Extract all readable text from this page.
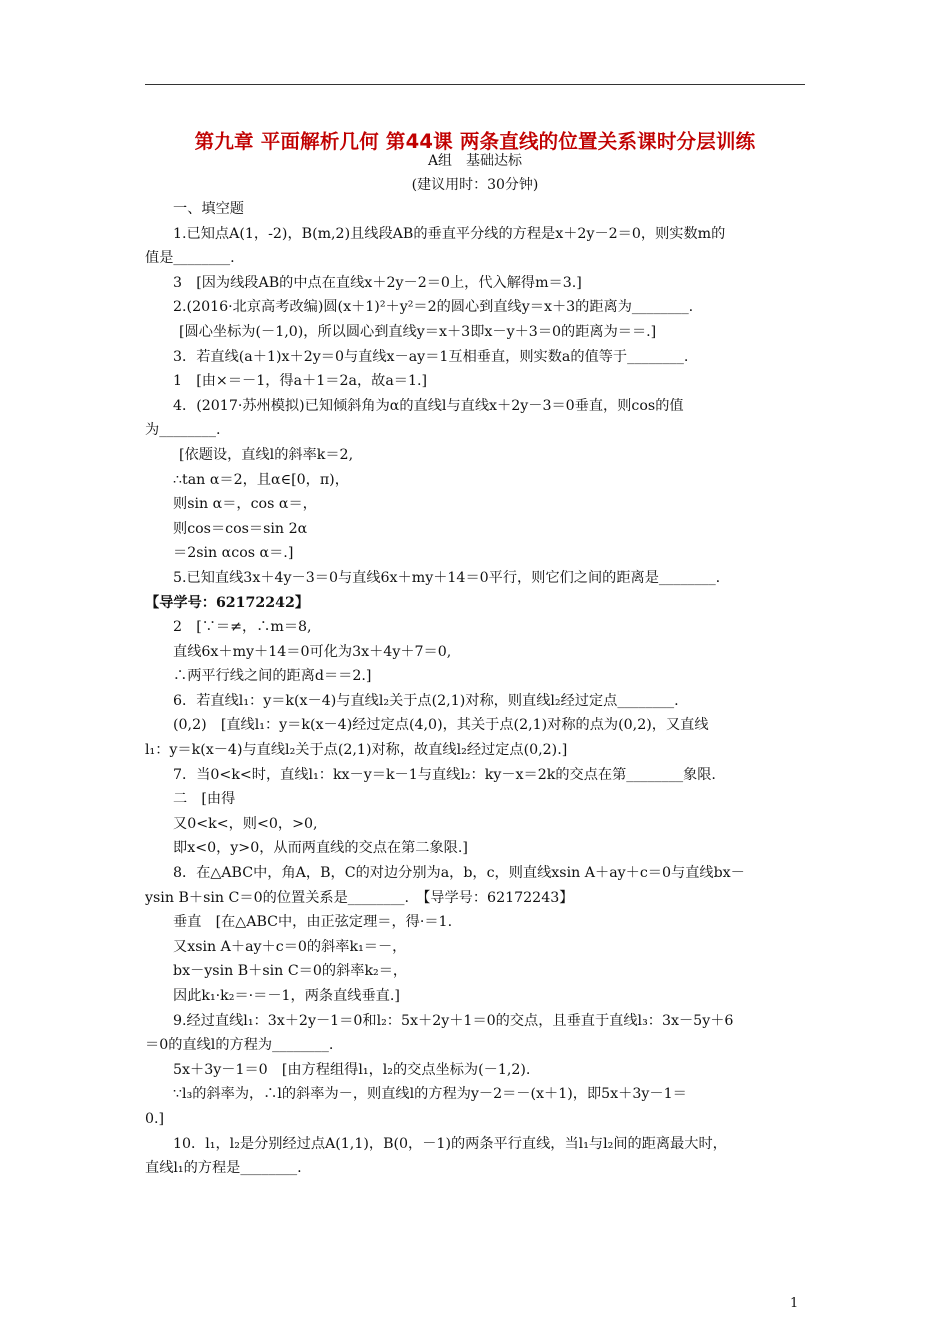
第九章 平面解析几何 第44课 两条直线的位置关系课时分层训练
A组　基础达标
(建议用时：30分钟)
一、填空题
1.已知点A(1，-2)，B(m,2)且线段AB的垂直平分线的方程是x＋2y－2＝0，则实数m的
值是________.
3　[因为线段AB的中点在直线x＋2y－2＝0上，代入解得m＝3.]
2.(2016·北京高考改编)圆(x＋1)²＋y²＝2的圆心到直线y＝x＋3的距离为________.
[圆心坐标为(－1,0)，所以圆心到直线y＝x＋3即x－y＋3＝0的距离为＝＝.]
3．若直线(a＋1)x＋2y＝0与直线x－ay＝1互相垂直，则实数a的值等于________.
1　[由×＝－1，得a＋1＝2a，故a＝1.]
4．(2017·苏州模拟)已知倾斜角为α的直线l与直线x＋2y－3＝0垂直，则cos的值
为________.
[依题设，直线l的斜率k＝2,
∴tan α＝2，且α∈[0，π)，
则sin α＝，cos α＝，
则cos＝cos＝sin 2α
＝2sin αcos α＝.]
5.已知直线3x＋4y－3＝0与直线6x＋my＋14＝0平行，则它们之间的距离是________.
【导学号：62172242】
2　[∵＝≠，∴m＝8,
直线6x＋my＋14＝0可化为3x＋4y＋7＝0,
∴两平行线之间的距离d＝＝2.]
6．若直线l₁：y＝k(x－4)与直线l₂关于点(2,1)对称，则直线l₂经过定点________.
(0,2)　[直线l₁：y＝k(x－4)经过定点(4,0)，其关于点(2,1)对称的点为(0,2)，又直线
l₁：y＝k(x－4)与直线l₂关于点(2,1)对称，故直线l₂经过定点(0,2).]
7．当0<k<时，直线l₁：kx－y＝k－1与直线l₂：ky－x＝2k的交点在第________象限.
二　[由得
又0<k<，则<0，>0,
即x<0，y>0，从而两直线的交点在第二象限.]
8．在△ABC中，角A，B，C的对边分别为a，b，c，则直线xsin A＋ay＋c＝0与直线bx－
ysin B＋sin C＝0的位置关系是________.　【导学号：62172243】
垂直　[在△ABC中，由正弦定理＝，得·＝1.
又xsin A＋ay＋c＝0的斜率k₁＝－，
bx－ysin B＋sin C＝0的斜率k₂＝，
因此k₁·k₂＝·＝－1，两条直线垂直.]
9.经过直线l₁：3x＋2y－1＝0和l₂：5x＋2y＋1＝0的交点，且垂直于直线l₃：3x－5y＋6
＝0的直线l的方程为________.
5x＋3y－1＝0　[由方程组得l₁，l₂的交点坐标为(－1,2).
∵l₃的斜率为，∴l的斜率为－，则直线l的方程为y－2＝－(x＋1)，即5x＋3y－1＝
0.]
10．l₁，l₂是分别经过点A(1,1)，B(0，－1)的两条平行直线，当l₁与l₂间的距离最大时，
直线l₁的方程是________.
1
